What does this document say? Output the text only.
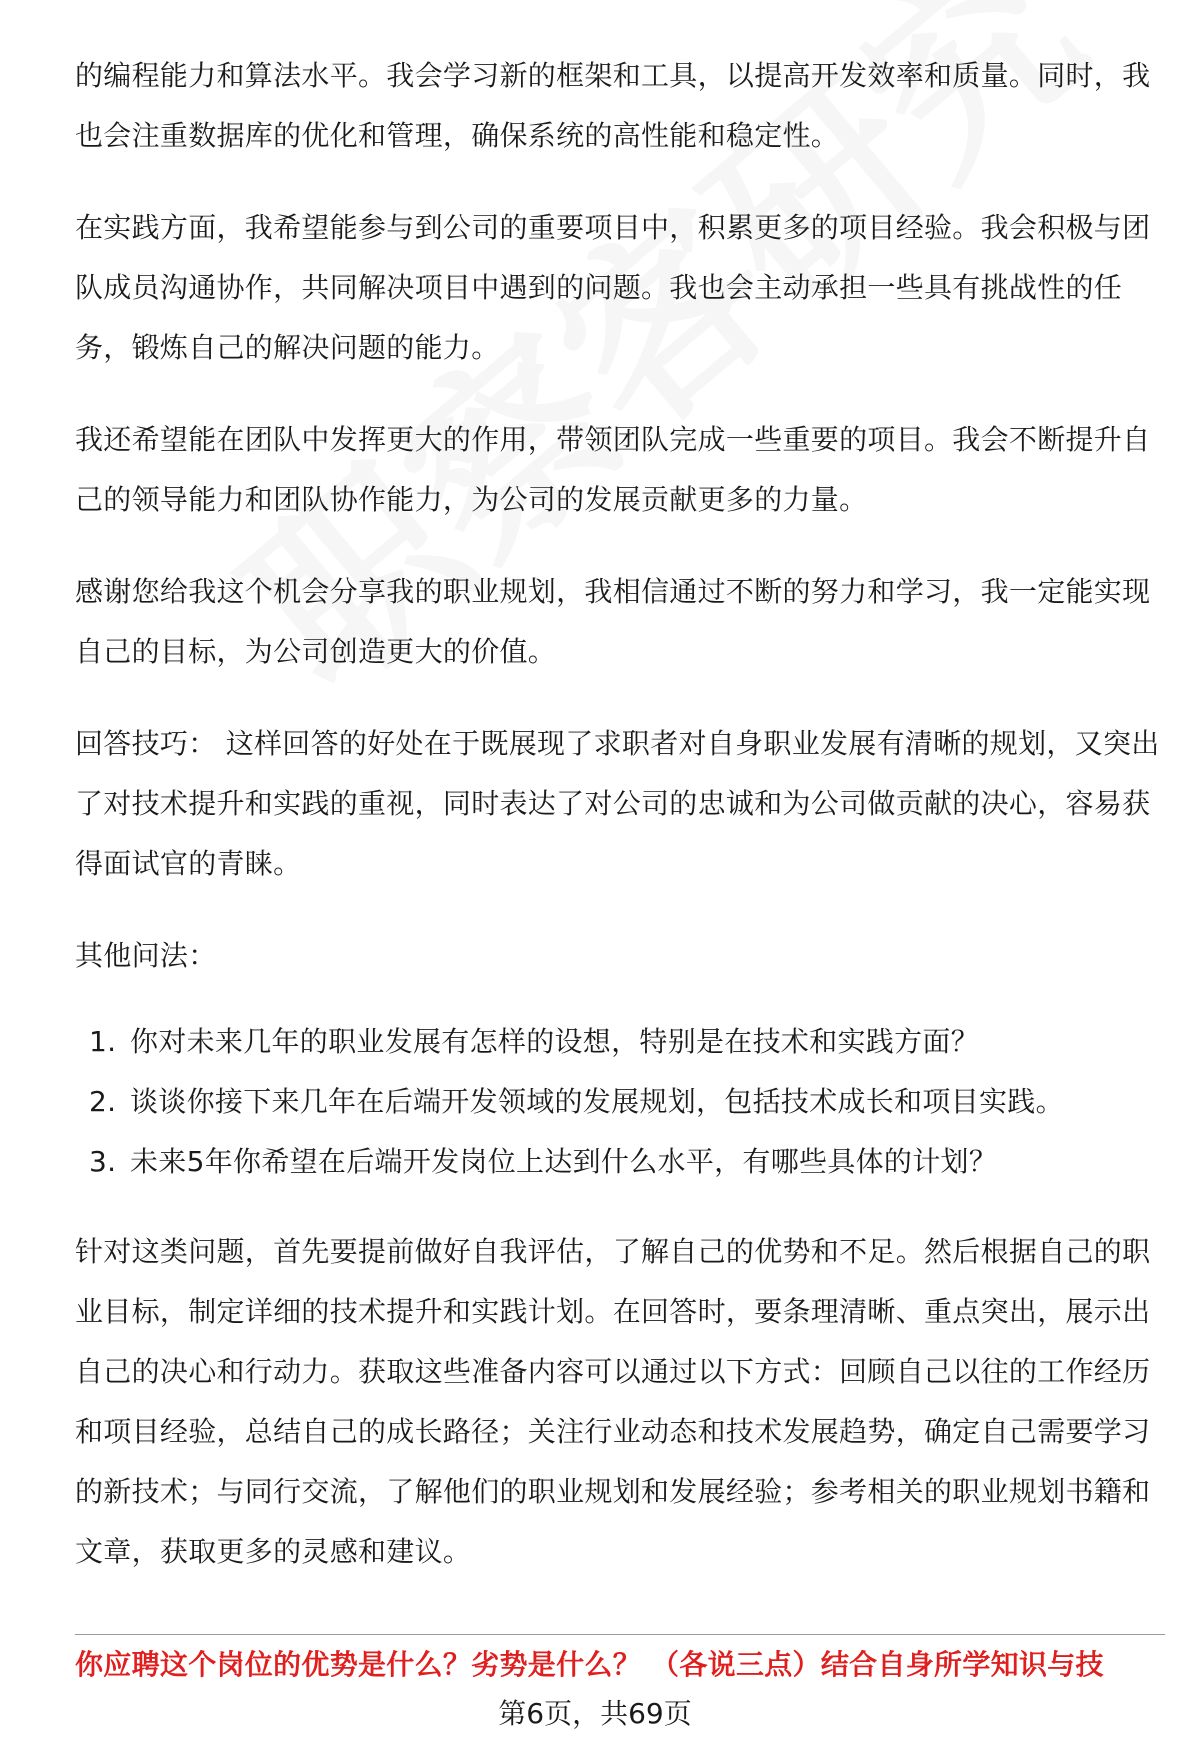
的编程能力和算法水平。我会学习新的框架和工具，以提高开发效率和质量。同时，我也会注重数据库的优化和管理，确保系统的高性能和稳定性。

在实践方面，我希望能参与到公司的重要项目中，积累更多的项目经验。我会积极与团队成员沟通协作，共同解决项目中遇到的问题。我也会主动承担一些具有挑战性的任务，锻炼自己的解决问题的能力。

我还希望能在团队中发挥更大的作用，带领团队完成一些重要的项目。我会不断提升自己的领导能力和团队协作能力，为公司的发展贡献更多的力量。

感谢您给我这个机会分享我的职业规划，我相信通过不断的努力和学习，我一定能实现自己的目标，为公司创造更大的价值。

回答技巧： 这样回答的好处在于既展现了求职者对自身职业发展有清晰的规划，又突出了对技术提升和实践的重视，同时表达了对公司的忠诚和为公司做贡献的决心，容易获得面试官的青睐。

其他问法：

1. 你对未来几年的职业发展有怎样的设想，特别是在技术和实践方面？
2. 谈谈你接下来几年在后端开发领域的发展规划，包括技术成长和项目实践。
3. 未来5年你希望在后端开发岗位上达到什么水平，有哪些具体的计划？

针对这类问题，首先要提前做好自我评估，了解自己的优势和不足。然后根据自己的职业目标，制定详细的技术提升和实践计划。在回答时，要条理清晰、重点突出，展示出自己的决心和行动力。获取这些准备内容可以通过以下方式：回顾自己以往的工作经历和项目经验，总结自己的成长路径；关注行业动态和技术发展趋势，确定自己需要学习的新技术；与同行交流，了解他们的职业规划和发展经验；参考相关的职业规划书籍和文章，获取更多的灵感和建议。

你应聘这个岗位的优势是什么？劣势是什么？ （各说三点）结合自身所学知识与技
第6页，共69页
